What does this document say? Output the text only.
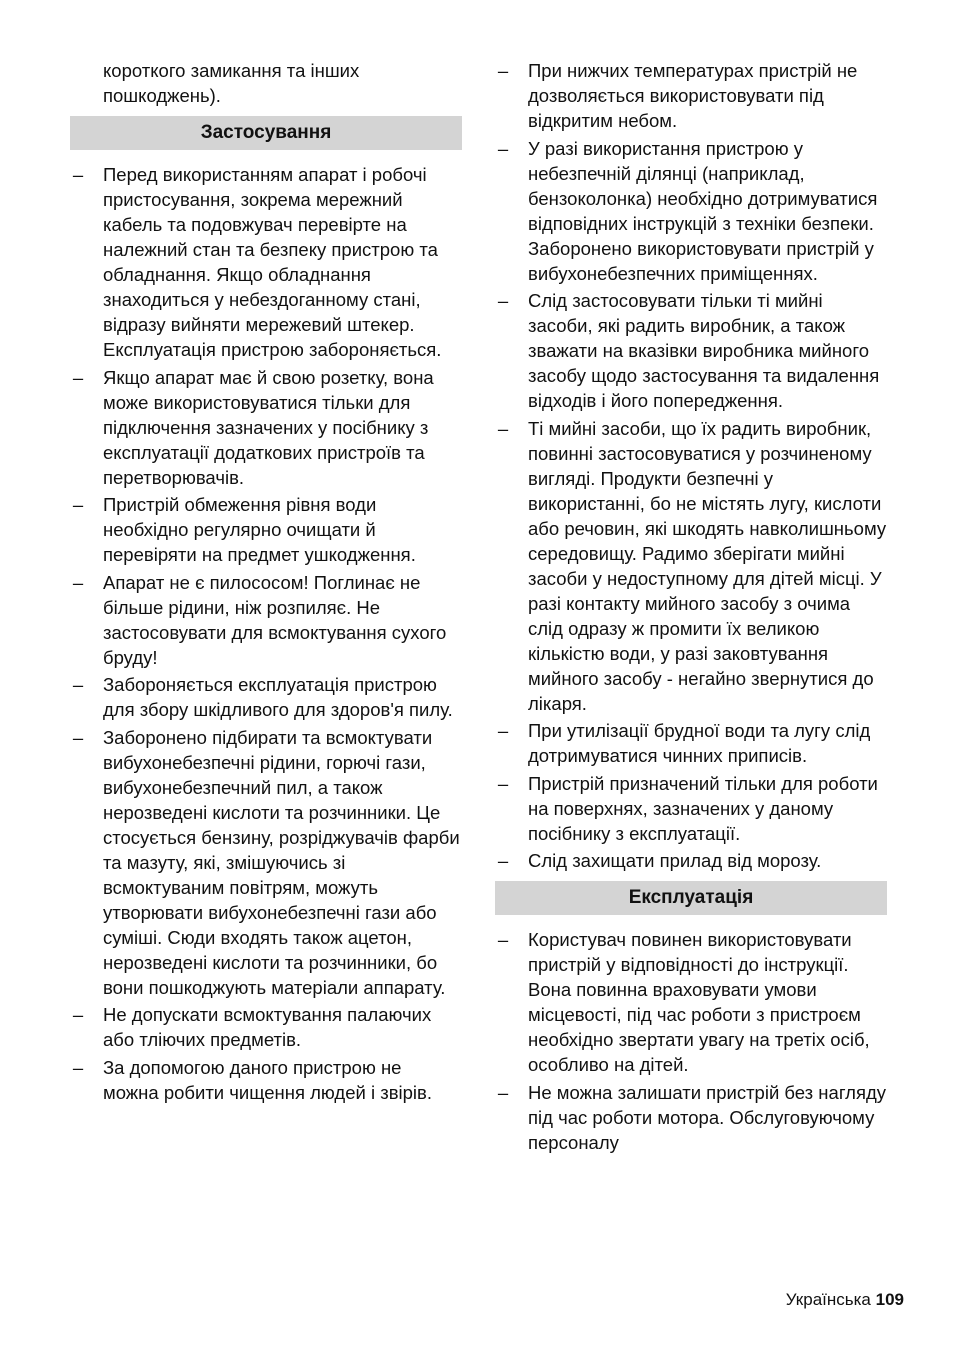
короткого замикання та інших пошкоджень).

Застосування
– Перед використанням апарат і робочі пристосування, зокрема мережний кабель та подовжувач перевірте на належний стан та безпеку пристрою та обладнання. Якщо обладнання знаходиться у небездоганному стані, відразу вийняти мережевий штекер. Експлуатація пристрою забороняється.
– Якщо апарат має й свою розетку, вона може використовуватися тільки для підключення зазначених у посібнику з експлуатації додаткових пристроїв та перетворювачів.
– Пристрій обмеження рівня води необхідно регулярно очищати й перевіряти на предмет ушкодження.
– Апарат не є пилососом! Поглинає не більше рідини, ніж розпиляє. Не застосовувати для всмоктування сухого бруду!
– Забороняється експлуатація пристрою для збору шкідливого для здоров'я пилу.
– Заборонено підбирати та всмоктувати вибухонебезпечні рідини, горючі гази, вибухонебезпечний пил, а також нерозведені кислоти та розчинники. Це стосується бензину, розріджувачів фарби та мазуту, які, змішуючись зі всмоктуваним повітрям, можуть утворювати вибухонебезпечні гази або суміші. Сюди входять також ацетон, нерозведені кислоти та розчинники, бо вони пошкоджують матеріали аппарату.
– Не допускати всмоктування палаючих або тліючих предметів.
– За допомогою даного пристрою не можна робити чищення людей і звірів.
– При нижчих температурах пристрій не дозволяється використовувати під відкритим небом.
– У разі використання пристрою у небезпечній ділянці (наприклад, бензоколонка) необхідно дотримуватися відповідних інструкцій з техніки безпеки. Заборонено використовувати пристрій у вибухонебезпечних приміщеннях.
– Слід застосовувати тільки ті мийні засоби, які радить виробник, а також зважати на вказівки виробника мийного засобу щодо застосування та видалення відходів і його попередження.
– Ті мийні засоби, що їх радить виробник, повинні застосовуватися у розчиненому вигляді. Продукти безпечні у використанні, бо не містять лугу, кислоти або речовин, які шкодять навколишньому середовищу. Радимо зберігати мийні засоби у недоступному для дітей місці. У разі контакту мийного засобу з очима слід одразу ж промити їх великою кількістю води, у разі заковтування мийного засобу - негайно звернутися до лікаря.
– При утилізації брудної води та лугу слід дотримуватися чинних приписів.
– Пристрій призначений тільки для роботи на поверхнях, зазначених у даному посібнику з експлуатації.
– Слід захищати прилад від морозу.
Експлуатація
– Користувач повинен використовувати пристрій у відповідності до інструкції. Вона повинна враховувати умови місцевості, під час роботи з пристроєм необхідно звертати увагу на третіх осіб, особливо на дітей.
– Не можна залишати пристрій без нагляду під час роботи мотора. Обслуговуючому персоналу
Українська 109
